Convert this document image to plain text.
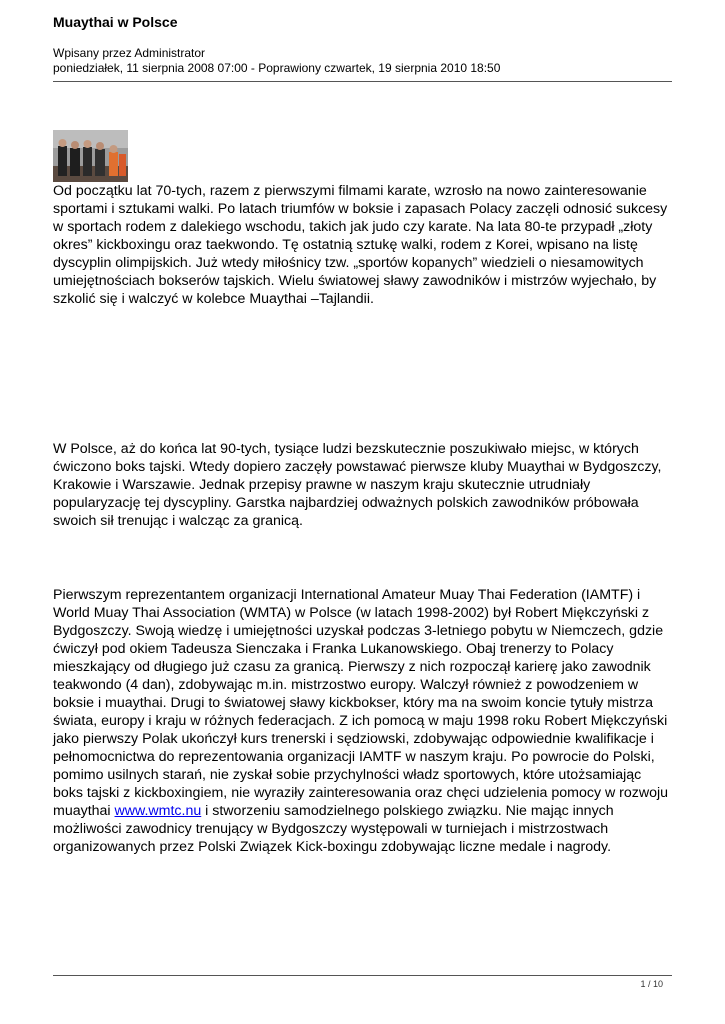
Muaythai w Polsce
Wpisany przez Administrator
poniedziałek, 11 sierpnia 2008 07:00 - Poprawiony czwartek, 19 sierpnia 2010 18:50

Od początku lat 70-tych, razem z pierwszymi filmami karate, wzrosło na nowo zainteresowanie sportami i sztukami walki. Po latach triumfów w boksie i zapasach Polacy zaczęli odnosić sukcesy w sportach rodem z dalekiego wschodu, takich jak judo czy karate. Na lata 80-te przypadł „złoty okres” kickboxingu oraz taekwondo. Tę ostatnią sztukę walki, rodem z Korei, wpisano na listę dyscyplin olimpijskich. Już wtedy miłośnicy tzw. „sportów kopanych” wiedzieli o niesamowitych umiejętnościach bokserów tajskich. Wielu światowej sławy zawodników i mistrzów wyjechało, by szkolić się i walczyć w kolebce Muaythai –Tajlandii.

W Polsce, aż do końca lat 90-tych, tysiące ludzi bezskutecznie poszukiwało miejsc, w których ćwiczono boks tajski. Wtedy dopiero zaczęły powstawać pierwsze kluby Muaythai w Bydgoszczy, Krakowie i Warszawie. Jednak przepisy prawne w naszym kraju skutecznie utrudniały popularyzację tej dyscypliny. Garstka najbardziej odważnych polskich zawodników próbowała swoich sił trenując i walcząc za granicą.

Pierwszym reprezentantem organizacji International Amateur Muay Thai Federation (IAMTF) i World Muay Thai Association (WMTA) w Polsce (w latach 1998-2002) był Robert Miękczyński z Bydgoszczy. Swoją wiedzę i umiejętności uzyskał podczas 3-letniego pobytu w Niemczech, gdzie ćwiczył pod okiem Tadeusza Sienczaka i Franka Lukanowskiego. Obaj trenerzy to Polacy mieszkający od długiego już czasu za granicą. Pierwszy z nich rozpoczął karierę jako zawodnik teakwondo (4 dan), zdobywając m.in. mistrzostwo europy. Walczył również z powodzeniem w boksie i muaythai. Drugi to światowej sławy kickbokser, który ma na swoim koncie tytuły mistrza świata, europy i kraju w różnych federacjach. Z ich pomocą w maju 1998 roku Robert Miękczyński jako pierwszy Polak ukończył kurs trenerski i sędziowski, zdobywając odpowiednie kwalifikacje i pełnomocnictwa do reprezentowania organizacji IAMTF w naszym kraju. Po powrocie do Polski, pomimo usilnych starań, nie zyskał sobie przychylności władz sportowych, które utożsamiając boks tajski z kickboxingiem, nie wyraziły zainteresowania oraz chęci udzielenia pomocy w rozwoju muaythai www.wmtc.nu i stworzeniu samodzielnego polskiego związku. Nie mając innych możliwości zawodnicy trenujący w Bydgoszczy występowali w turniejach i mistrzostwach organizowanych przez Polski Związek Kick-boxingu zdobywając liczne medale i nagrody.

1 / 10
